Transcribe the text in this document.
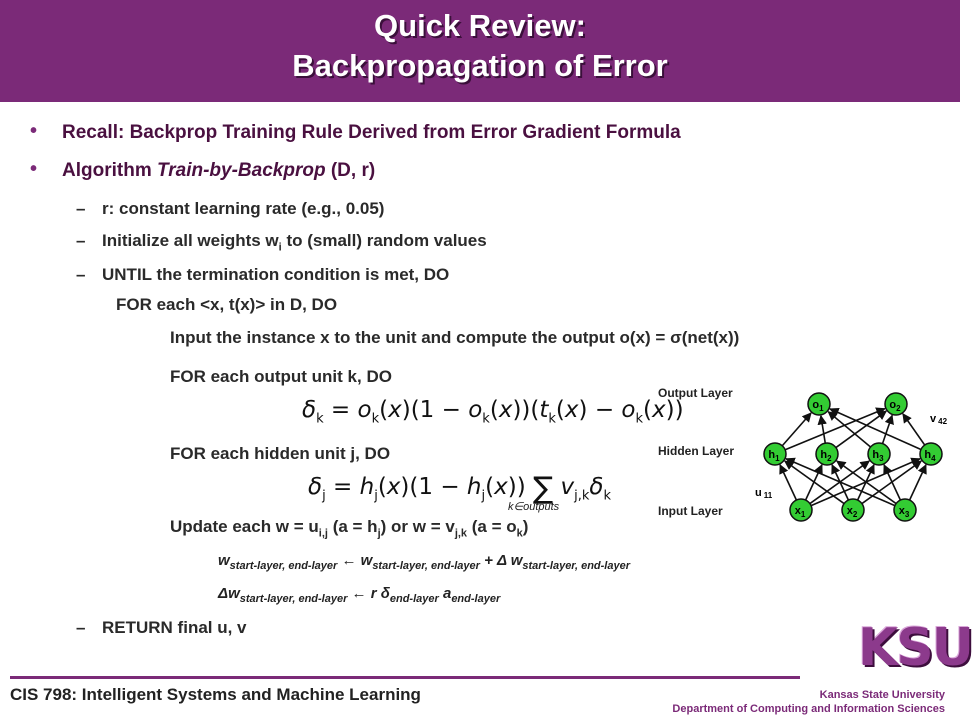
Quick Review:
Backpropagation of Error
• Recall: Backprop Training Rule Derived from Error Gradient Formula
• Algorithm Train-by-Backprop (D, r)
– r: constant learning rate (e.g., 0.05)
– Initialize all weights $w_i$ to (small) random values
– UNTIL the termination condition is met, DO
FOR each <x, t(x)> in D, DO
Input the instance x to the unit and compute the output o(x) = σ(net(x))
FOR each output unit k, DO
$\delta_k = o_k(x)(1 - o_k(x))(t_k(x) - o_k(x))$
FOR each hidden unit j, DO
$\delta_j = h_j(x)(1 - h_j(x))$ ∑ $v_{j,k}\delta_k$
k∈outputs
Update each $w = u_{i,j}$ $(a = h_j)$ or $w = v_{j,k}$ $(a = o_k)$
$w_{start-layer, end-layer}$ ← $w_{start-layer, end-layer} + \Delta$ $w_{start-layer, end-layer}$
$\Delta w_{start-layer, end-layer}$ ← r $\delta_{end-layer}$ $a_{end-layer}$
– RETURN final u, v
Output Layer
Hidden Layer
Input Layer
$o_1$	$o_2$
$h_1$	$h_2$	$h_3$	$h_4$
$x_1$	$x_2$	$x_3$
v 42
u 11
CIS 798: Intelligent Systems and Machine Learning	Kansas State University
Department of Computing and Information Sciences
KSU
